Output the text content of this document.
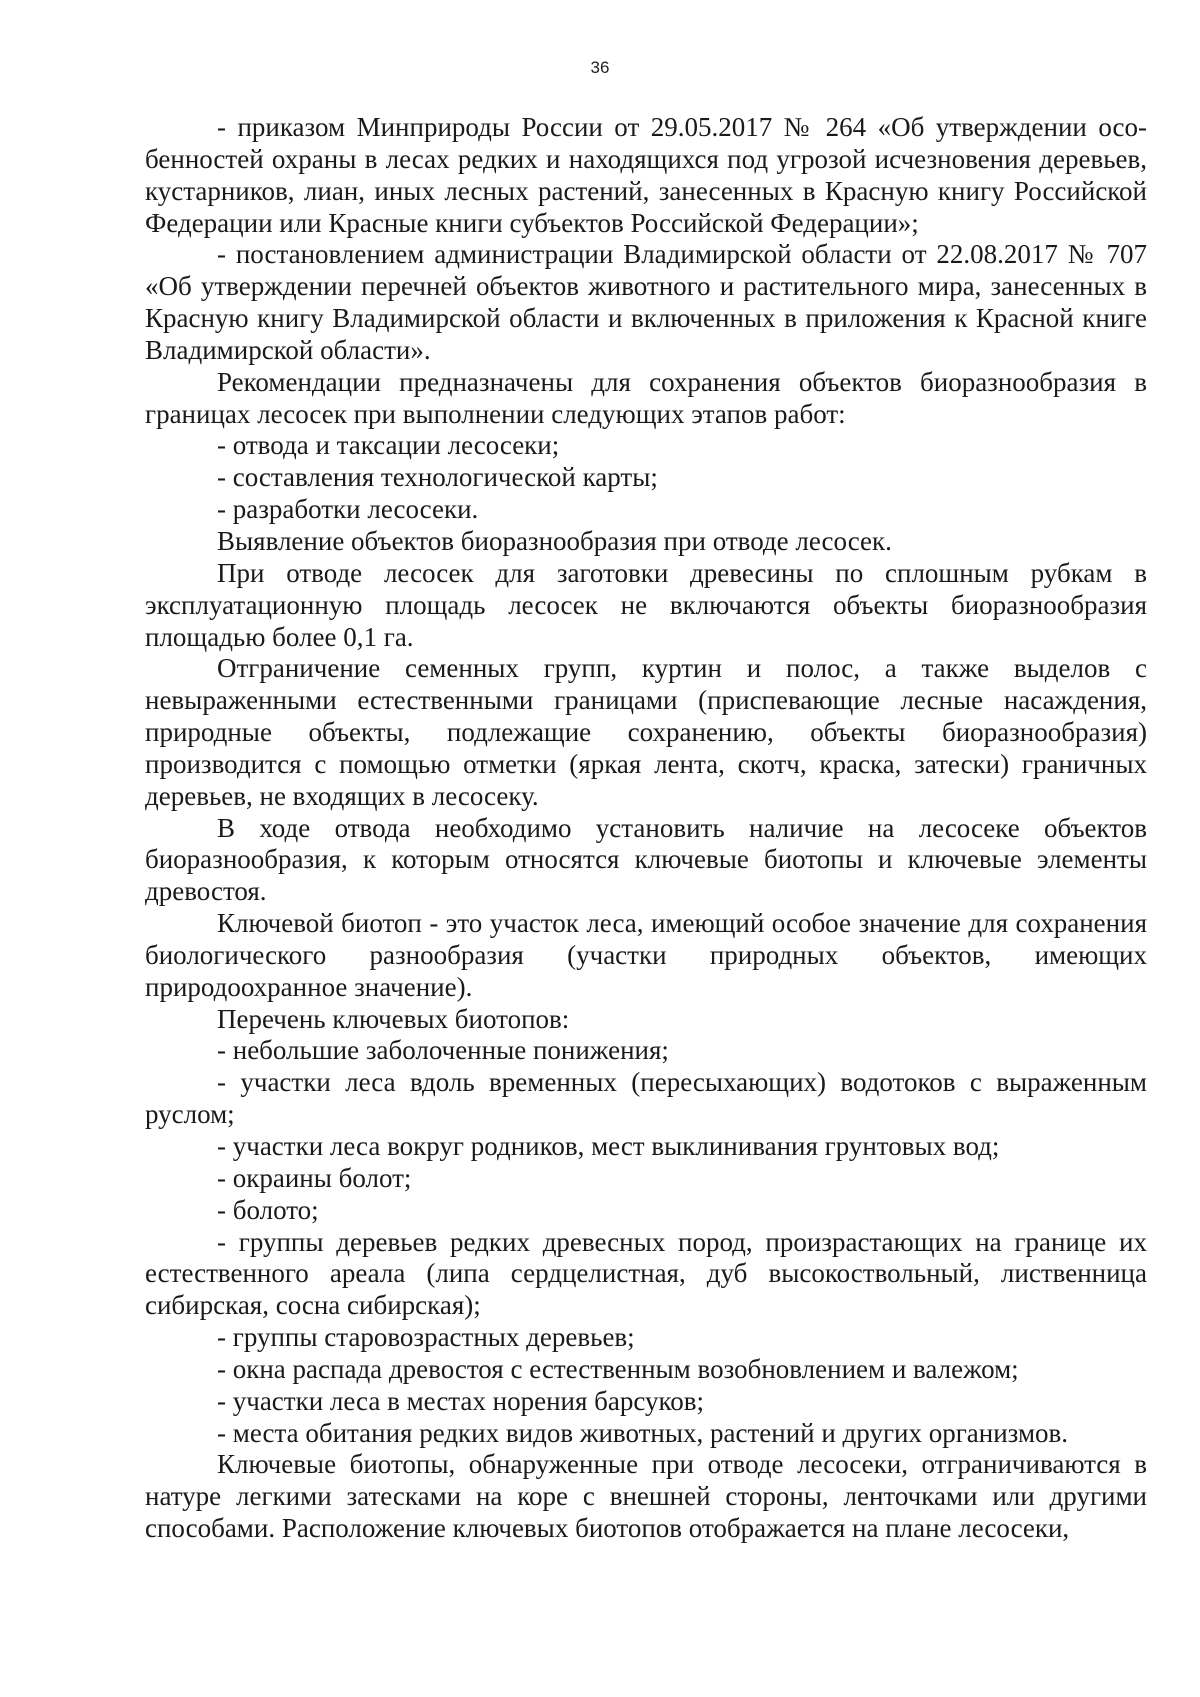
36

- приказом Минприроды России от 29.05.2017 № 264 «Об утверждении особенностей охраны в лесах редких и находящихся под угрозой исчезновения деревьев, кустарников, лиан, иных лесных растений, занесенных в Красную книгу Российской Федерации или Красные книги субъектов Российской Федерации»;

- постановлением администрации Владимирской области от 22.08.2017 № 707 «Об утверждении перечней объектов животного и растительного мира, занесенных в Красную книгу Владимирской области и включенных в приложения к Красной книге Владимирской области».

Рекомендации предназначены для сохранения объектов биоразнообразия в границах лесосек при выполнении следующих этапов работ:

- отвода и таксации лесосеки;

- составления технологической карты;

- разработки лесосеки.

Выявление объектов биоразнообразия при отводе лесосек.

При отводе лесосек для заготовки древесины по сплошным рубкам в эксплуатационную площадь лесосек не включаются объекты биоразнообразия площадью более 0,1 га.

Отграничение семенных групп, куртин и полос, а также выделов с невыраженными естественными границами (приспевающие лесные насаждения, природные объекты, подлежащие сохранению, объекты биоразнообразия) производится с помощью отметки (яркая лента, скотч, краска, затески) граничных деревьев, не входящих в лесосеку.

В ходе отвода необходимо установить наличие на лесосеке объектов биоразнообразия, к которым относятся ключевые биотопы и ключевые элементы древостоя.

Ключевой биотоп - это участок леса, имеющий особое значение для сохранения биологического разнообразия (участки природных объектов, имеющих природоохранное значение).

Перечень ключевых биотопов:

- небольшие заболоченные понижения;

- участки леса вдоль временных (пересыхающих) водотоков с выраженным руслом;

- участки леса вокруг родников, мест выклинивания грунтовых вод;

- окраины болот;

- болото;

- группы деревьев редких древесных пород, произрастающих на границе их естественного ареала (липа сердцелистная, дуб высокоствольный, лиственница сибирская, сосна сибирская);

- группы старовозрастных деревьев;

- окна распада древостоя с естественным возобновлением и валежом;

- участки леса в местах норения барсуков;

- места обитания редких видов животных, растений и других организмов.

Ключевые биотопы, обнаруженные при отводе лесосеки, отграничиваются в натуре легкими затесками на коре с внешней стороны, ленточками или другими способами. Расположение ключевых биотопов отображается на плане лесосеки,
